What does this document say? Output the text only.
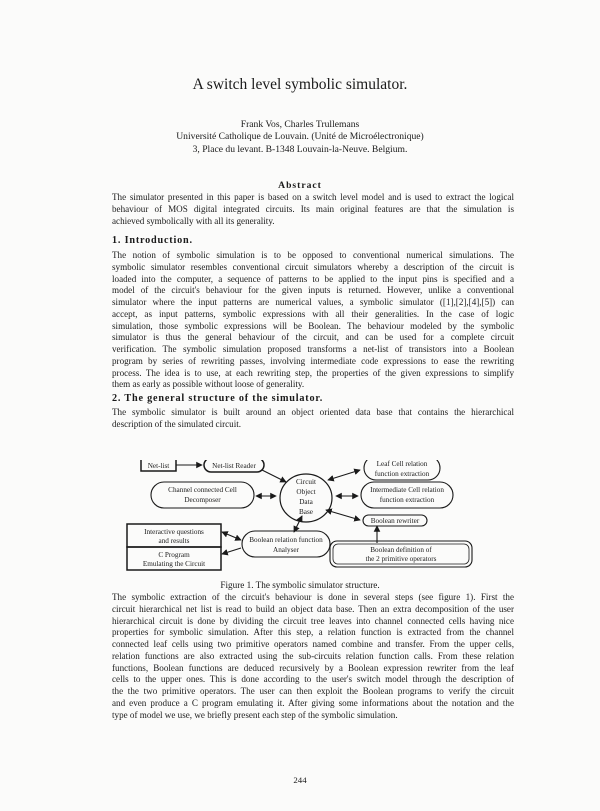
A switch level symbolic simulator.
Frank Vos, Charles Trullemans
Université Catholique de Louvain. (Unité de Microélectronique)
3, Place du levant. B-1348 Louvain-la-Neuve. Belgium.
Abstract
The simulator presented in this paper is based on a switch level model and is used to extract the logical
behaviour of MOS digital integrated circuits. Its main original features are that the simulation is
achieved symbolically with all its generality.
1. Introduction.
The notion of symbolic simulation is to be opposed to conventional numerical simulations. The
symbolic simulator resembles conventional circuit simulators whereby a description of the circuit is
loaded into the computer, a sequence of patterns to be applied to the input pins is specified and a
model of the circuit's behaviour for the given inputs is returned. However, unlike a conventional
simulator where the input patterns are numerical values, a symbolic simulator ([1],[2],[4],[5]) can
accept, as input patterns, symbolic expressions with all their generalities. In the case of logic
simulation, those symbolic expressions will be Boolean. The behaviour modeled by the symbolic
simulator is thus the general behaviour of the circuit, and can be used for a complete circuit
verification. The symbolic simulation proposed transforms a net-list of transistors into a Boolean
program by series of rewriting passes, involving intermediate code expressions to ease the rewriting
process. The idea is to use, at each rewriting step, the properties of the given expressions to simplify
them as early as possible without loose of generality.
2. The general structure of the simulator.
The symbolic simulator is built around an object oriented data base that contains the hierarchical
description of the simulated circuit.
Net-list	Net-list Reader
Circuit
Object
Data
Base
Leaf Cell relation
function extraction
Channel connected Cell
Decomposer
Intermediate Cell relation
function extraction
Boolean rewriter
Interactive questions
and results	Boolean relation function
Analyser
C Program
Emulating the Circuit
Boolean definition of
the 2 primitive operators
Figure 1. The symbolic simulator structure.
The symbolic extraction of the circuit's behaviour is done in several steps (see figure 1). First the
circuit hierarchical net list is read to build an object data base. Then an extra decomposition of the user
hierarchical circuit is done by dividing the circuit tree leaves into channel connected cells having nice
properties for symbolic simulation. After this step, a relation function is extracted from the channel
connected leaf cells using two primitive operators named combine and transfer. From the upper cells,
relation functions are also extracted using the sub-circuits relation function calls. From these relation
functions, Boolean functions are deduced recursively by a Boolean expression rewriter from the leaf
cells to the upper ones. This is done according to the user's switch model through the description of
the the two primitive operators. The user can then exploit the Boolean programs to verify the circuit
and even produce a C program emulating it. After giving some informations about the notation and the
type of model we use, we briefly present each step of the symbolic simulation.
244
